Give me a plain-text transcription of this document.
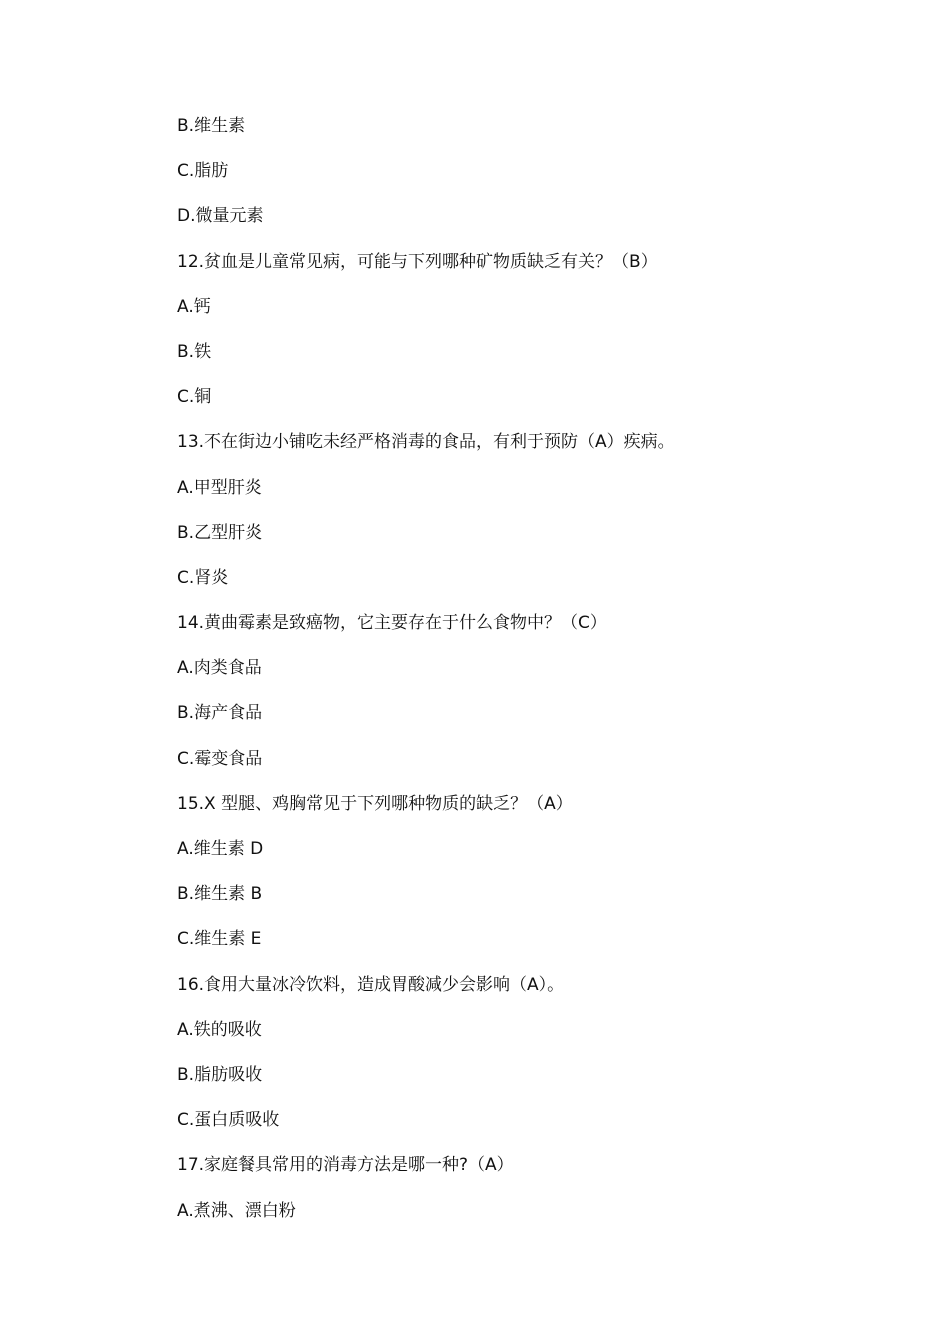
B.维生素
C.脂肪
D.微量元素
12.贫血是儿童常见病，可能与下列哪种矿物质缺乏有关？（B）
A.钙
B.铁
C.铜
13.不在街边小铺吃未经严格消毒的食品，有利于预防（A）疾病。
A.甲型肝炎
B.乙型肝炎
C.肾炎
14.黄曲霉素是致癌物，它主要存在于什么食物中？（C）
A.肉类食品
B.海产食品
C.霉变食品
15.X 型腿、鸡胸常见于下列哪种物质的缺乏？（A）
A.维生素 D
B.维生素 B
C.维生素 E
16.食用大量冰冷饮料，造成胃酸减少会影响（A）。
A.铁的吸收
B.脂肪吸收
C.蛋白质吸收
17.家庭餐具常用的消毒方法是哪一种?（A）
A.煮沸、漂白粉
